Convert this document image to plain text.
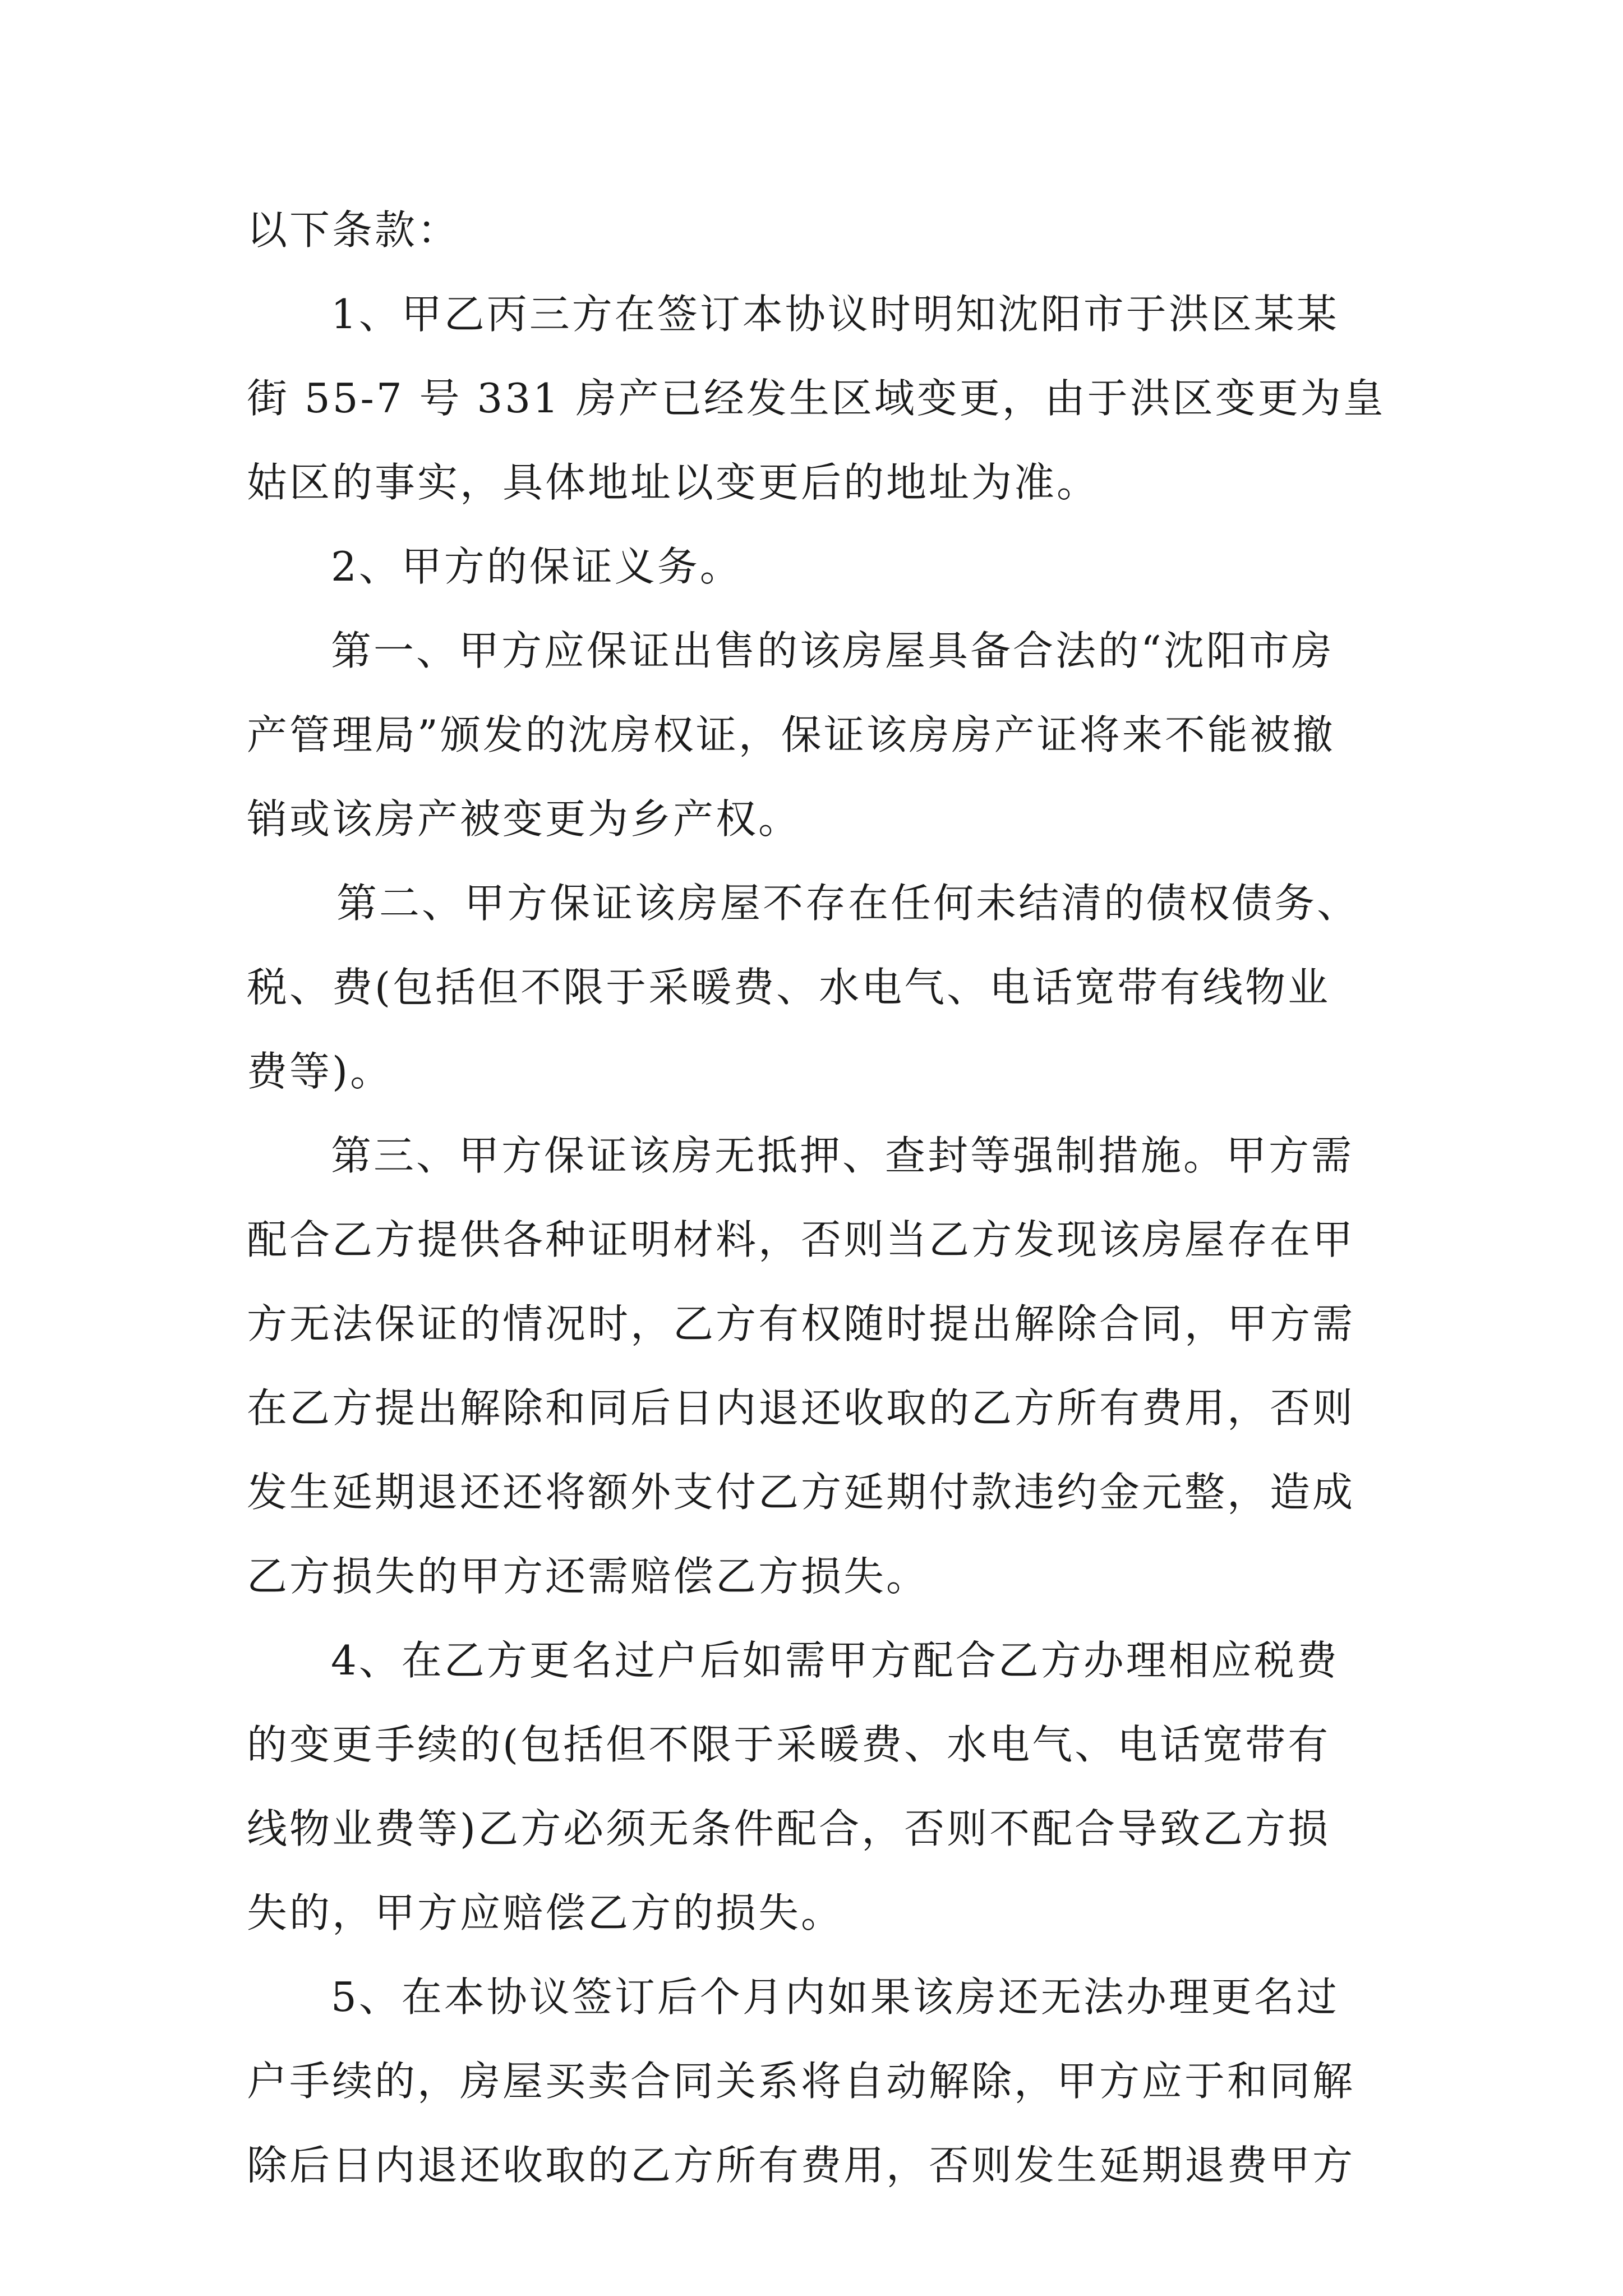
以下条款：
1、甲乙丙三方在签订本协议时明知沈阳市于洪区某某
街 55-7 号 331 房产已经发生区域变更，由于洪区变更为皇
姑区的事实，具体地址以变更后的地址为准。
2、甲方的保证义务。
第一、甲方应保证出售的该房屋具备合法的“沈阳市房
产管理局”颁发的沈房权证，保证该房房产证将来不能被撤
销或该房产被变更为乡产权。
第二、甲方保证该房屋不存在任何未结清的债权债务、
税、费(包括但不限于采暖费、水电气、电话宽带有线物业
费等)。
第三、甲方保证该房无抵押、查封等强制措施。甲方需
配合乙方提供各种证明材料，否则当乙方发现该房屋存在甲
方无法保证的情况时，乙方有权随时提出解除合同，甲方需
在乙方提出解除和同后日内退还收取的乙方所有费用，否则
发生延期退还还将额外支付乙方延期付款违约金元整，造成
乙方损失的甲方还需赔偿乙方损失。
4、在乙方更名过户后如需甲方配合乙方办理相应税费
的变更手续的(包括但不限于采暖费、水电气、电话宽带有
线物业费等)乙方必须无条件配合，否则不配合导致乙方损
失的，甲方应赔偿乙方的损失。
5、在本协议签订后个月内如果该房还无法办理更名过
户手续的，房屋买卖合同关系将自动解除，甲方应于和同解
除后日内退还收取的乙方所有费用，否则发生延期退费甲方
